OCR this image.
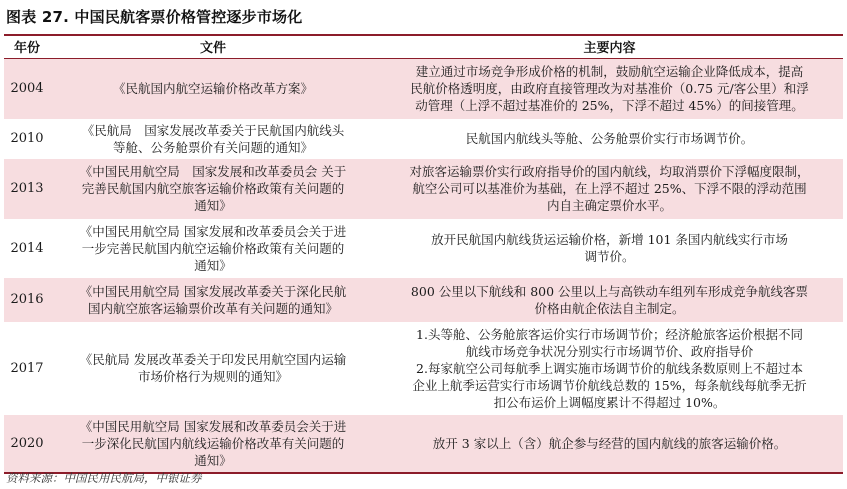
图表 27. 中国民航客票价格管控逐步市场化
年份	文件	主要内容
2004	《民航国内航空运输价格改革方案》	建立通过市场竞争形成价格的机制，鼓励航空运输企业降低成本，提高
民航价格透明度，由政府直接管理改为对基准价（0.75 元/客公里）和浮
动管理（上浮不超过基准价的 25%，下浮不超过 45%）的间接管理。

2010	《民航局　国家发展改革委关于民航国内航线头
等舱、公务舱票价有关问题的通知》	民航国内航线头等舱、公务舱票价实行市场调节价。

2013	《中国民用航空局　国家发展和改革委员会 关于
完善民航国内航空旅客运输价格政策有关问题的
通知》	对旅客运输票价实行政府指导价的国内航线，均取消票价下浮幅度限制，
航空公司可以基准价为基础，在上浮不超过 25%、下浮不限的浮动范围
内自主确定票价水平。

2014	《中国民用航空局 国家发展和改革委员会关于进
一步完善民航国内航空运输价格政策有关问题的
通知》	放开民航国内航线货运运输价格，新增 101 条国内航线实行市场
调节价。

2016	《中国民用航空局 国家发展改革委关于深化民航
国内航空旅客运输票价改革有关问题的通知》	800 公里以下航线和 800 公里以上与高铁动车组列车形成竞争航线客票
价格由航企依法自主制定。

2017	《民航局 发展改革委关于印发民用航空国内运输
市场价格行为规则的通知》	1.头等舱、公务舱旅客运价实行市场调节价；经济舱旅客运价根据不同
航线市场竞争状况分别实行市场调节价、政府指导价
2.每家航空公司每航季上调实施市场调节价的航线条数原则上不超过本
企业上航季运营实行市场调节价航线总数的 15%，每条航线每航季无折
扣公布运价上调幅度累计不得超过 10%。

2020	《中国民用航空局 国家发展和改革委员会关于进
一步深化民航国内航线运输价格改革有关问题的
通知》	放开 3 家以上（含）航企参与经营的国内航线的旅客运输价格。
资料来源：中国民用民航局，中银证券
